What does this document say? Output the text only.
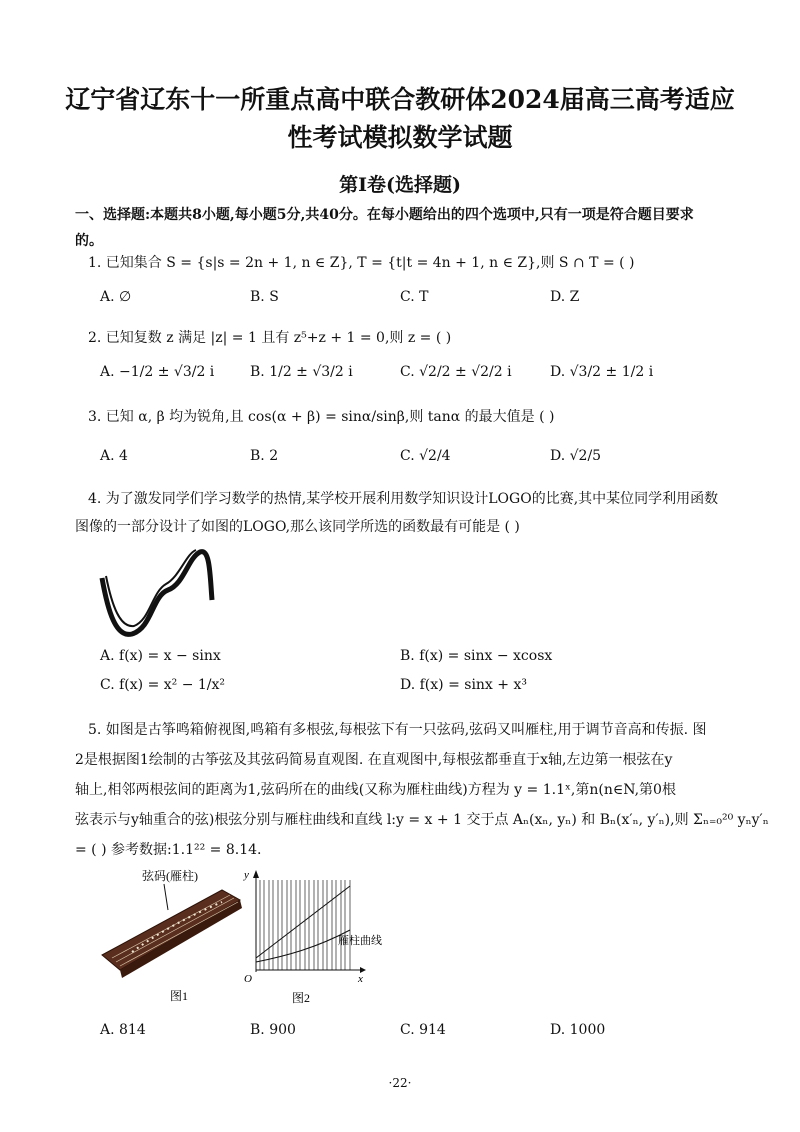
辽宁省辽东十一所重点高中联合教研体2024届高三高考适应
性考试模拟数学试题
第Ⅰ卷(选择题)
一、选择题:本题共8小题,每小题5分,共40分。在每小题给出的四个选项中,只有一项是符合题目要求
的。
1. 已知集合 S = {s|s = 2n + 1, n ∈ Z}, T = {t|t = 4n + 1, n ∈ Z},则 S ∩ T = ( )
A. ∅	B. S	C. T	D. Z
2. 已知复数 z 满足 |z| = 1 且有 z⁵+z + 1 = 0,则 z = ( )
A. −1/2 ± √3/2 i	B. 1/2 ± √3/2 i	C. √2/2 ± √2/2 i	D. √3/2 ± 1/2 i
3. 已知 α, β 均为锐角,且 cos(α + β) = sinα/sinβ,则 tanα 的最大值是 ( )
A. 4	B. 2	C. √2/4	D. √2/5
4. 为了激发同学们学习数学的热情,某学校开展利用数学知识设计LOGO的比赛,其中某位同学利用函数
图像的一部分设计了如图的LOGO,那么该同学所选的函数最有可能是 ( )
A. f(x) = x − sinx	B. f(x) = sinx − xcosx
C. f(x) = x² − 1/x²	D. f(x) = sinx + x³
5. 如图是古筝鸣箱俯视图,鸣箱有多根弦,每根弦下有一只弦码,弦码又叫雁柱,用于调节音高和传振. 图
2是根据图1绘制的古筝弦及其弦码简易直观图. 在直观图中,每根弦都垂直于x轴,左边第一根弦在y
轴上,相邻两根弦间的距离为1,弦码所在的曲线(又称为雁柱曲线)方程为 y = 1.1ˣ,第n(n∈N,第0根
弦表示与y轴重合的弦)根弦分别与雁柱曲线和直线 l:y = x + 1 交于点 Aₙ(xₙ, yₙ) 和 Bₙ(x′ₙ, y′ₙ),则 Σₙ₌₀²⁰ yₙy′ₙ
= ( ) 参考数据:1.1²² = 8.14.
弦码(雁柱)
图1
雁柱曲线
y
x
O
图2
A. 814	B. 900	C. 914	D. 1000
·22·
